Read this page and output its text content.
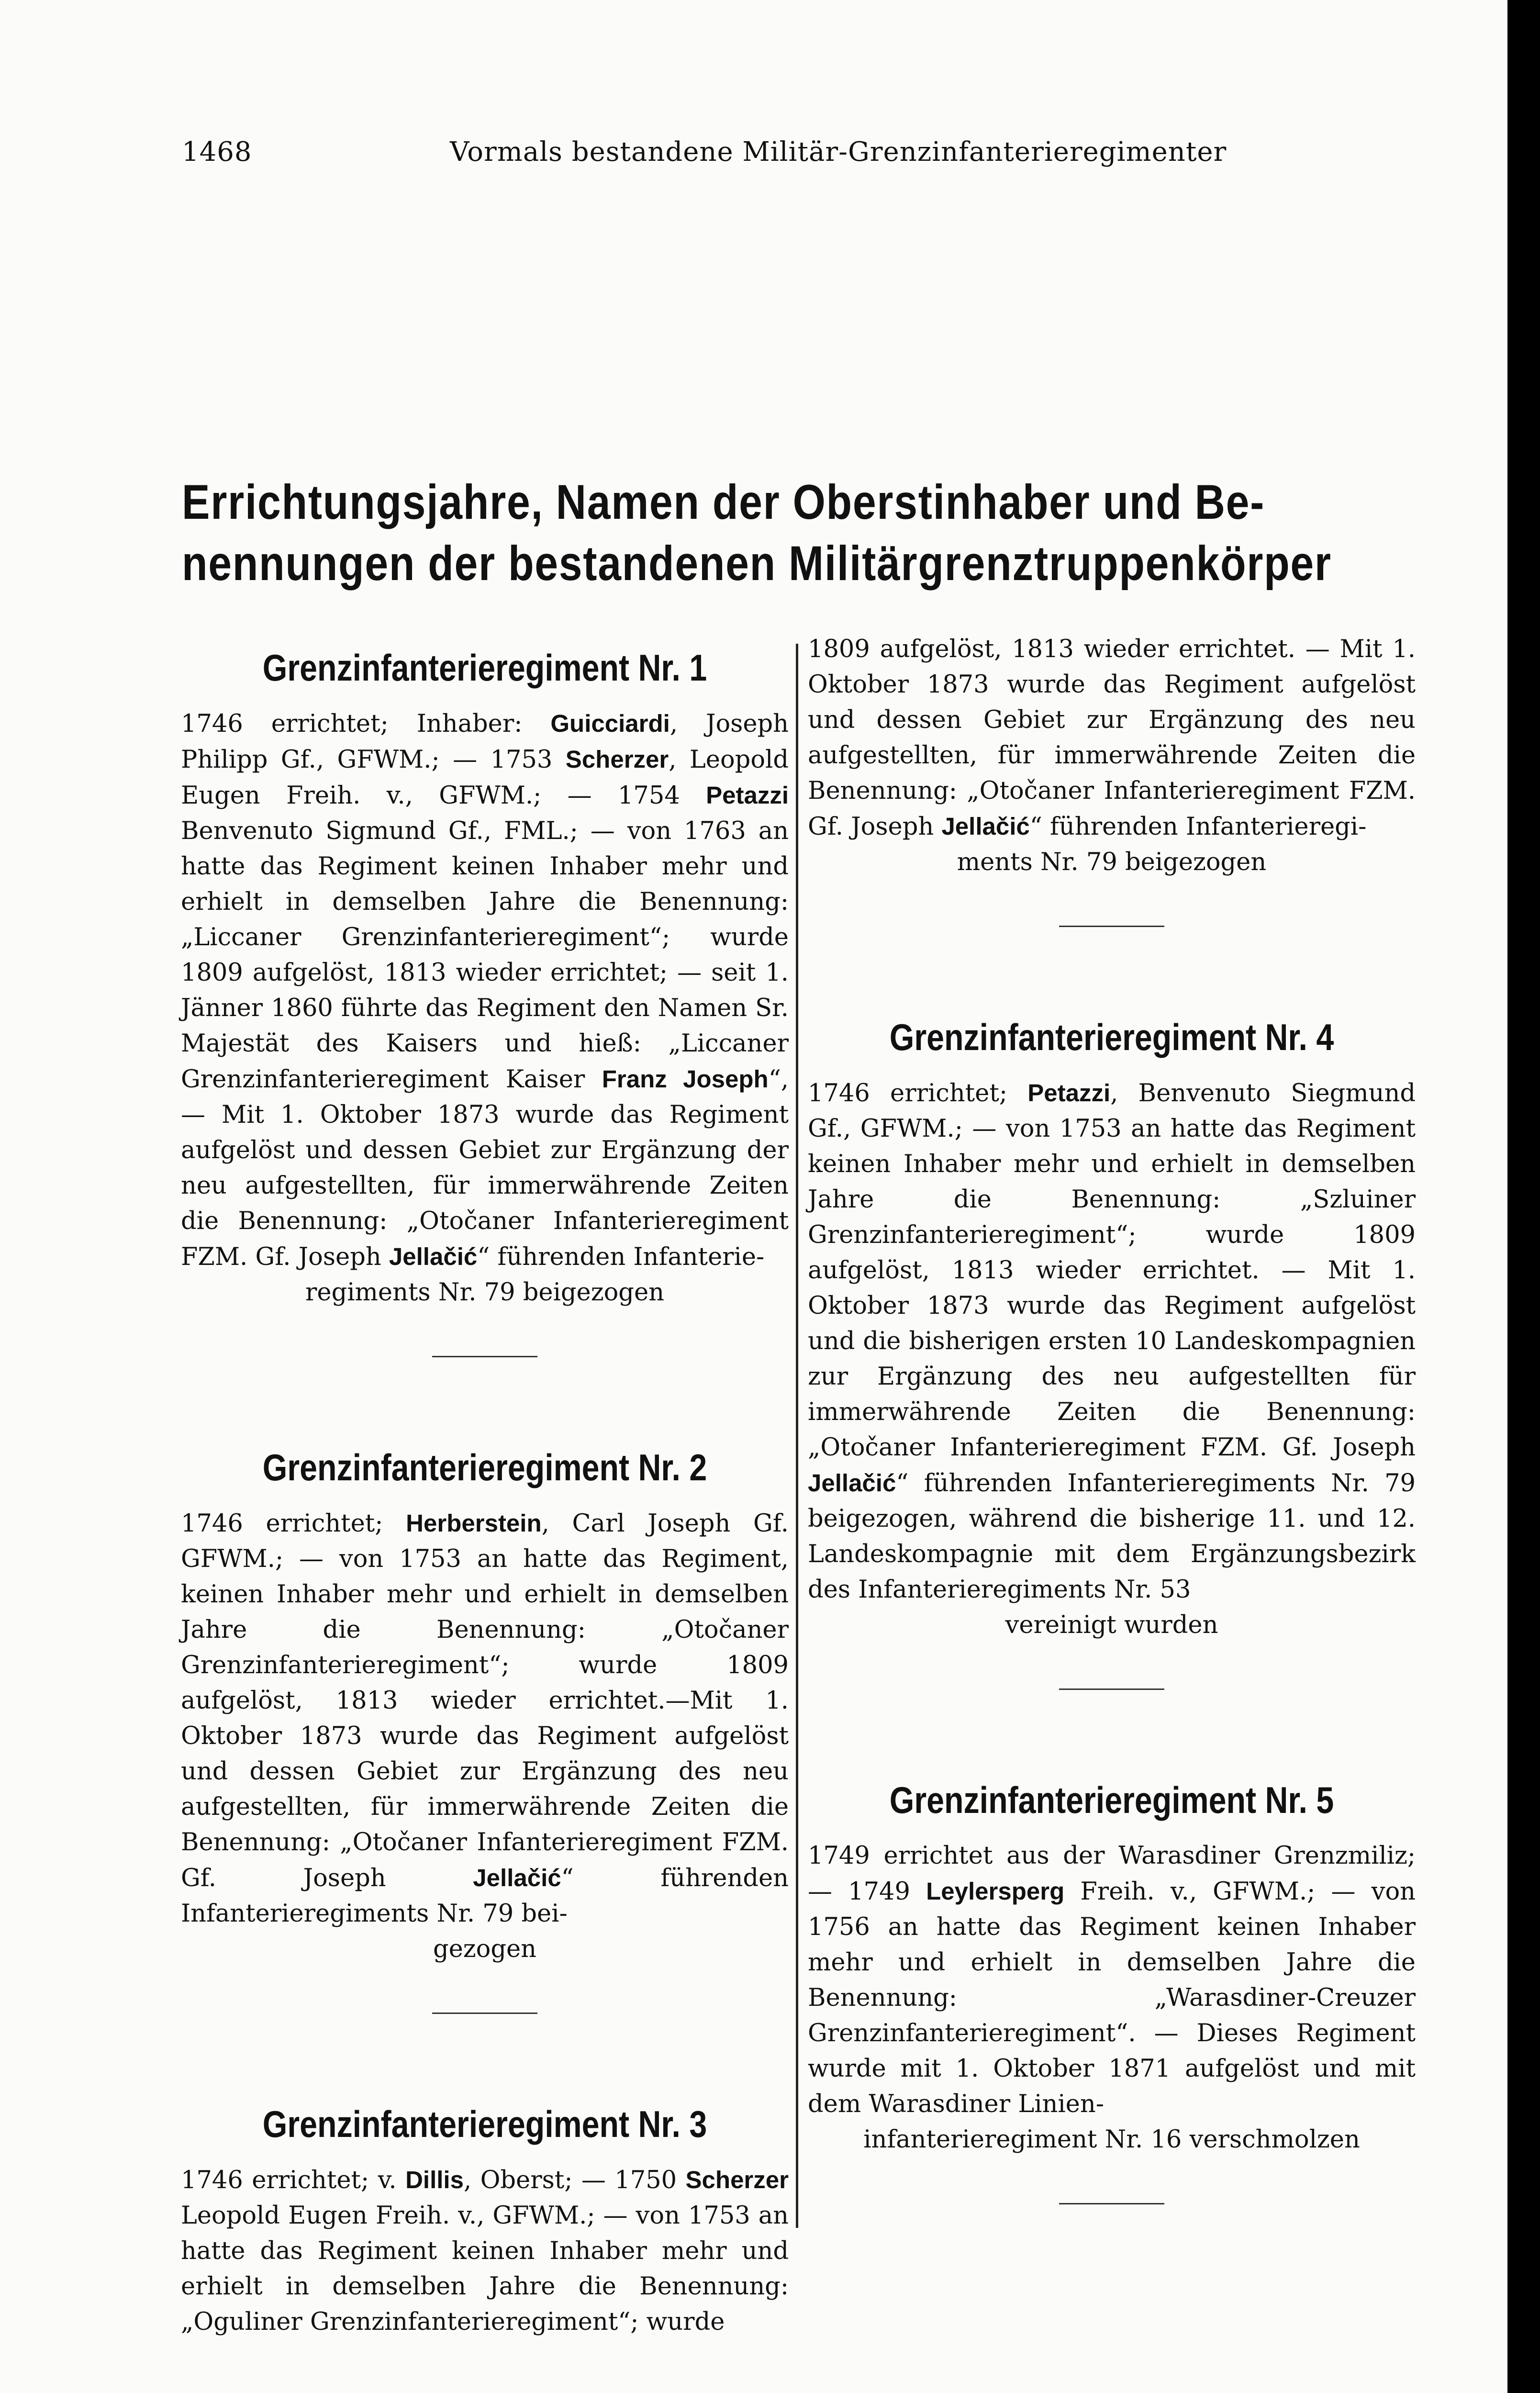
1468	Vormals bestandene Militär-Grenzinfanterieregimenter
Errichtungsjahre, Namen der Oberstinhaber und Be-
nennungen der bestandenen Militärgrenztruppenkörper
Grenzinfanterieregiment Nr. 1

1746 errichtet; Inhaber: Guicciardi, Joseph Philipp Gf., GFWM.; — 1753 Scherzer, Leopold Eugen Freih. v., GFWM.; — 1754 Petazzi Benvenuto Sigmund Gf., FML.; — von 1763 an hatte das Regiment keinen Inhaber mehr und erhielt in demselben Jahre die Benennung: „Liccaner Grenzinfanterieregiment“; wurde 1809 aufgelöst, 1813 wieder errichtet; — seit 1. Jänner 1860 führte das Regiment den Namen Sr. Majestät des Kaisers und hieß: „Liccaner Grenzinfanterieregiment Kaiser Franz Joseph“, — Mit 1. Oktober 1873 wurde das Regiment aufgelöst und dessen Gebiet zur Ergänzung der neu aufgestellten, für immerwährende Zeiten die Benennung: „Otočaner Infanterieregiment FZM. Gf. Joseph Jellačić“ führenden Infanterie-

regiments Nr. 79 beigezogen

Grenzinfanterieregiment Nr. 2

1746 errichtet; Herberstein, Carl Joseph Gf. GFWM.; — von 1753 an hatte das Regiment, keinen Inhaber mehr und erhielt in demselben Jahre die Benennung: „Otočaner Grenzinfanterieregiment“; wurde 1809 aufgelöst, 1813 wieder errichtet.—Mit 1. Oktober 1873 wurde das Regiment aufgelöst und dessen Gebiet zur Ergänzung des neu aufgestellten, für immerwährende Zeiten die Benennung: „Otočaner Infanterieregiment FZM. Gf. Joseph Jellačić“ führenden Infanterieregiments Nr. 79 bei-

gezogen

Grenzinfanterieregiment Nr. 3

1746 errichtet; v. Dillis, Oberst; — 1750 Scherzer Leopold Eugen Freih. v., GFWM.; — von 1753 an hatte das Regiment keinen Inhaber mehr und erhielt in demselben Jahre die Benennung: „Oguliner Grenzinfanterieregiment“; wurde

1809 aufgelöst, 1813 wieder errichtet. — Mit 1. Oktober 1873 wurde das Regiment aufgelöst und dessen Gebiet zur Ergänzung des neu aufgestellten, für immerwährende Zeiten die Benennung: „Otočaner Infanterieregiment FZM. Gf. Joseph Jellačić“ führenden Infanterieregi-

ments Nr. 79 beigezogen

Grenzinfanterieregiment Nr. 4

1746 errichtet; Petazzi, Benvenuto Siegmund Gf., GFWM.; — von 1753 an hatte das Regiment keinen Inhaber mehr und erhielt in demselben Jahre die Benennung: „Szluiner Grenzinfanterieregiment“; wurde 1809 aufgelöst, 1813 wieder errichtet. — Mit 1. Oktober 1873 wurde das Regiment aufgelöst und die bisherigen ersten 10 Landeskompagnien zur Ergänzung des neu aufgestellten für immerwährende Zeiten die Benennung: „Otočaner Infanterieregiment FZM. Gf. Joseph Jellačić“ führenden Infanterieregiments Nr. 79 beigezogen, während die bisherige 11. und 12. Landeskompagnie mit dem Ergänzungsbezirk des Infanterieregiments Nr. 53

vereinigt wurden

Grenzinfanterieregiment Nr. 5

1749 errichtet aus der Warasdiner Grenzmiliz; — 1749 Leylersperg Freih. v., GFWM.; — von 1756 an hatte das Regiment keinen Inhaber mehr und erhielt in demselben Jahre die Benennung: „Warasdiner-Creuzer Grenzinfanterieregiment“. — Dieses Regiment wurde mit 1. Oktober 1871 aufgelöst und mit dem Warasdiner Linien-

infanterieregiment Nr. 16 verschmolzen
